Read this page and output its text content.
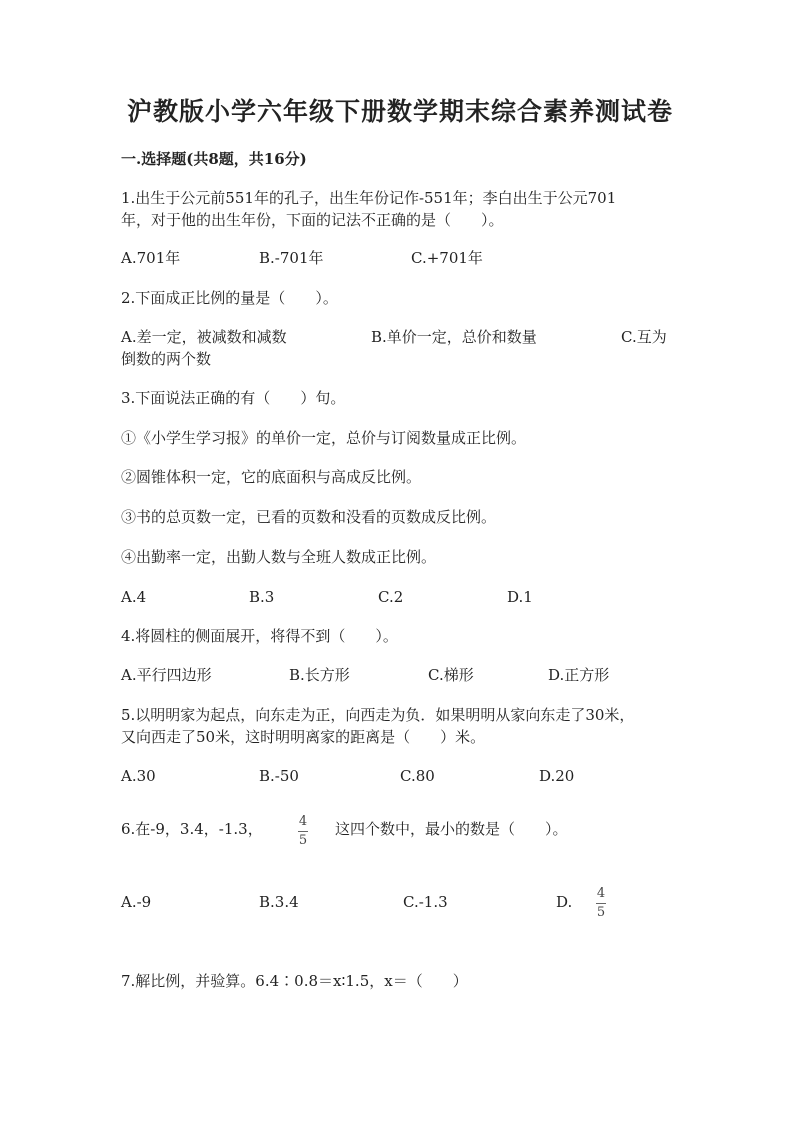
沪教版小学六年级下册数学期末综合素养测试卷
一.选择题(共8题，共16分)
1.出生于公元前551年的孔子，出生年份记作-551年；李白出生于公元701
年，对于他的出生年份，下面的记法不正确的是（　　）。
A.701年	B.-701年	C.+701年
2.下面成正比例的量是（　　）。
A.差一定，被减数和减数	B.单价一定，总价和数量	C.互为
倒数的两个数
3.下面说法正确的有（　　）句。
①《小学生学习报》的单价一定，总价与订阅数量成正比例。
②圆锥体积一定，它的底面积与高成反比例。
③书的总页数一定，已看的页数和没看的页数成反比例。
④出勤率一定，出勤人数与全班人数成正比例。
A.4	B.3	C.2	D.1
4.将圆柱的侧面展开，将得不到（　　）。
A.平行四边形	B.长方形	C.梯形	D.正方形
5.以明明家为起点，向东走为正，向西走为负．如果明明从家向东走了30米，
又向西走了50米，这时明明离家的距离是（　　）米。
A.30	B.-50	C.80	D.20
6.在-9，3.4，-1.3，	4
5
这四个数中，最小的数是（　　）。
A.-9	B.3.4	C.-1.3	D. 4
5
7.解比例，并验算。6.4∶0.8＝x∶1.5，x＝（　　）
